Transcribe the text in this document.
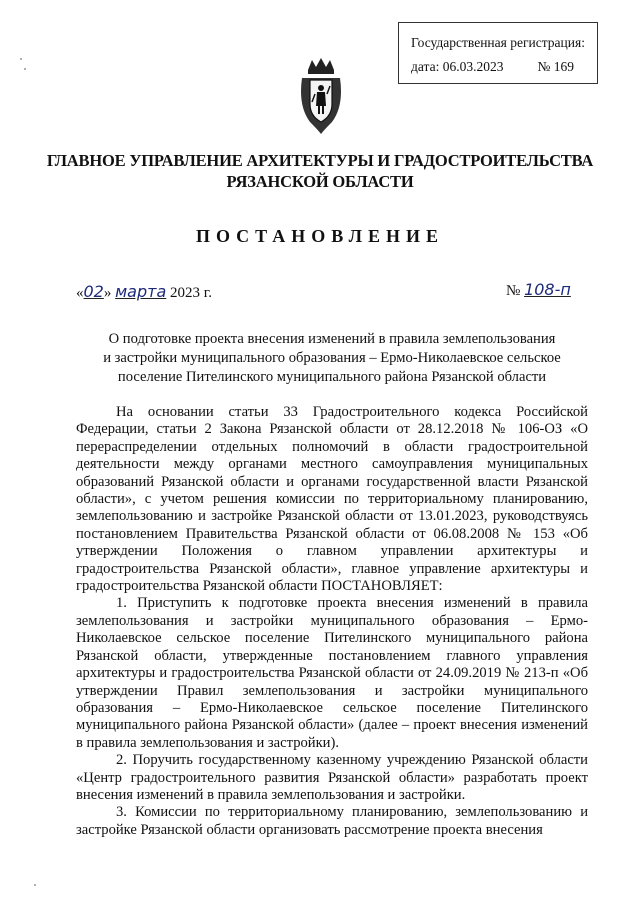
Государственная регистрация:
дата: 06.03.2023	№ 169
ГЛАВНОЕ УПРАВЛЕНИЕ АРХИТЕКТУРЫ И ГРАДОСТРОИТЕЛЬСТВА
РЯЗАНСКОЙ ОБЛАСТИ
ПОСТАНОВЛЕНИЕ
«02» марта 2023 г.	№ 108-п
О подготовке проекта внесения изменений в правила землепользования
и застройки муниципального образования – Ермо-Николаевское сельское
поселение Пителинского муниципального района Рязанской области

На основании статьи 33 Градостроительного кодекса Российской Федерации, статьи 2 Закона Рязанской области от 28.12.2018 № 106-ОЗ «О перераспределении отдельных полномочий в области градостроительной деятельности между органами местного самоуправления муниципальных образований Рязанской области и органами государственной власти Рязанской области», с учетом решения комиссии по территориальному планированию, землепользованию и застройке Рязанской области от 13.01.2023, руководствуясь постановлением Правительства Рязанской области от 06.08.2008 № 153 «Об утверждении Положения о главном управлении архитектуры и градостроительства Рязанской области», главное управление архитектуры и градостроительства Рязанской области ПОСТАНОВЛЯЕТ:

1. Приступить к подготовке проекта внесения изменений в правила землепользования и застройки муниципального образования – Ермо-Николаевское сельское поселение Пителинского муниципального района Рязанской области, утвержденные постановлением главного управления архитектуры и градостроительства Рязанской области от 24.09.2019 № 213-п «Об утверждении Правил землепользования и застройки муниципального образования – Ермо-Николаевское сельское поселение Пителинского муниципального района Рязанской области» (далее – проект внесения изменений в правила землепользования и застройки).

2. Поручить государственному казенному учреждению Рязанской области «Центр градостроительного развития Рязанской области» разработать проект внесения изменений в правила землепользования и застройки.

3. Комиссии по территориальному планированию, землепользованию и застройке Рязанской области организовать рассмотрение проекта внесения
